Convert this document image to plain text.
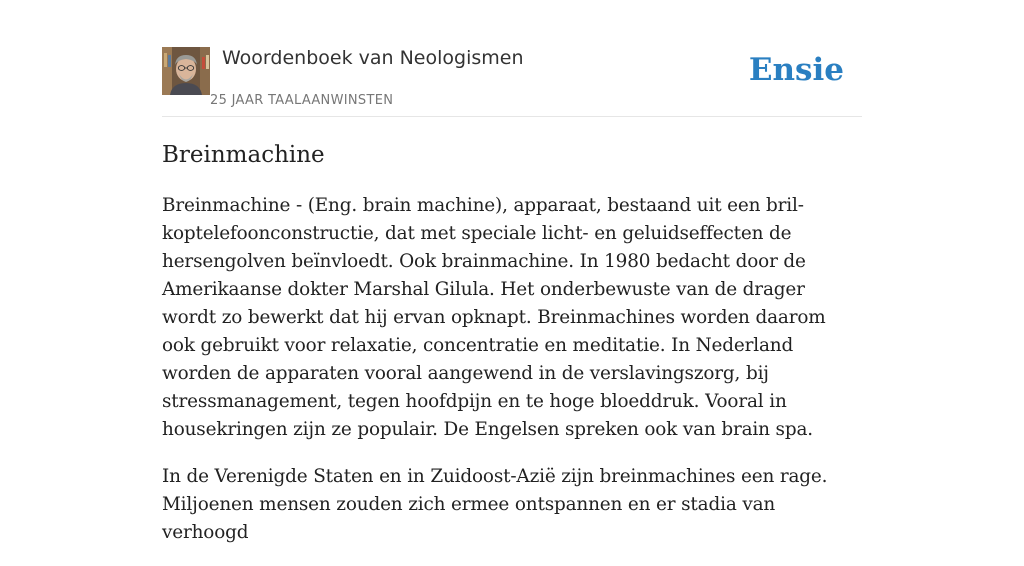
Woordenboek van Neologismen
25 JAAR TAALAANWINSTEN
Ensie
Breinmachine

Breinmachine - (Eng. brain machine), apparaat, bestaand uit een bril-koptelefoonconstructie, dat met speciale licht- en geluidseffecten de hersengolven beïnvloedt. Ook brainmachine. In 1980 bedacht door de Amerikaanse dokter Marshal Gilula. Het onderbewuste van de drager wordt zo bewerkt dat hij ervan opknapt. Breinmachines worden daarom ook gebruikt voor relaxatie, concentratie en meditatie. In Nederland worden de apparaten vooral aangewend in de verslavingszorg, bij stressmanagement, tegen hoofdpijn en te hoge bloeddruk. Vooral in housekringen zijn ze populair. De Engelsen spreken ook van brain spa.

In de Verenigde Staten en in Zuidoost-Azië zijn breinmachines een rage. Miljoenen mensen zouden zich ermee ontspannen en er stadia van verhoogd
